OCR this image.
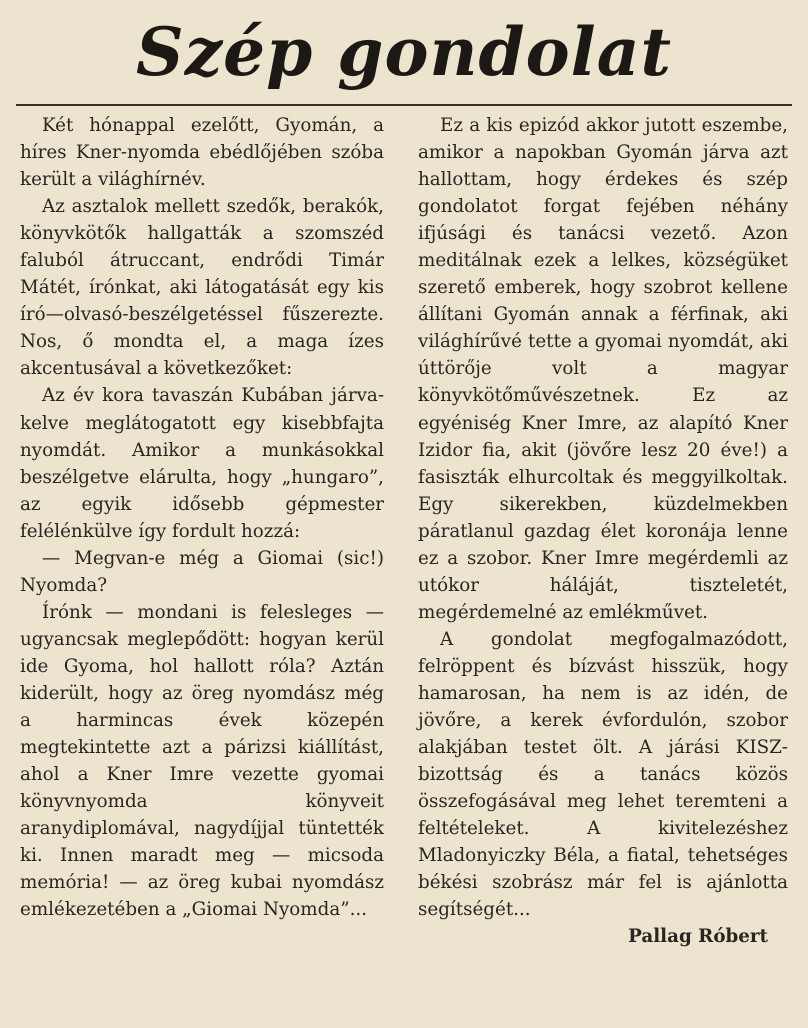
Szép gondolat

Két hónappal ezelőtt, Gyomán, a híres Kner-nyomda ebédlőjében szóba került a világhírnév.

Az asztalok mellett szedők, berakók, könyvkötők hallgatták a szomszéd faluból átruccant, endrődi Timár Mátét, írónkat, aki látogatását egy kis író—olvasó-beszélgetéssel fűszerezte. Nos, ő mondta el, a maga ízes akcentusával a következőket:

Az év kora tavaszán Kubában járva-kelve meglátogatott egy kisebbfajta nyomdát. Amikor a munkásokkal beszélgetve elárulta, hogy „hungaro”, az egyik idősebb gépmester felélénkülve így fordult hozzá:

— Megvan-e még a Giomai (sic!) Nyomda?

Írónk — mondani is felesleges — ugyancsak meglepődött: hogyan kerül ide Gyoma, hol hallott róla? Aztán kiderült, hogy az öreg nyomdász még a harmincas évek közepén megtekintette azt a párizsi kiállítást, ahol a Kner Imre vezette gyomai könyvnyomda könyveit aranydiplomával, nagydíjjal tüntették ki. Innen maradt meg — micsoda memória! — az öreg kubai nyomdász emlékezetében a „Giomai Nyomda”...

Ez a kis epizód akkor jutott eszembe, amikor a napokban Gyomán járva azt hallottam, hogy érdekes és szép gondolatot forgat fejében néhány ifjúsági és tanácsi vezető. Azon meditálnak ezek a lelkes, községüket szerető emberek, hogy szobrot kellene állítani Gyomán annak a férfinak, aki világhírűvé tette a gyomai nyomdát, aki úttörője volt a magyar könyvkötőművészetnek. Ez az egyéniség Kner Imre, az alapító Kner Izidor fia, akit (jövőre lesz 20 éve!) a fasiszták elhurcoltak és meggyilkoltak. Egy sikerekben, küzdelmekben páratlanul gazdag élet koronája lenne ez a szobor. Kner Imre megérdemli az utókor háláját, tiszteletét, megérdemelné az emlékművet.

A gondolat megfogalmazódott, felröppent és bízvást hisszük, hogy hamarosan, ha nem is az idén, de jövőre, a kerek évfordulón, szobor alakjában testet ölt. A járási KISZ-bizottság és a tanács közös összefogásával meg lehet teremteni a feltételeket. A kivitelezéshez Mladonyiczky Béla, a fiatal, tehetséges békési szobrász már fel is ajánlotta segítségét...

Pallag Róbert
